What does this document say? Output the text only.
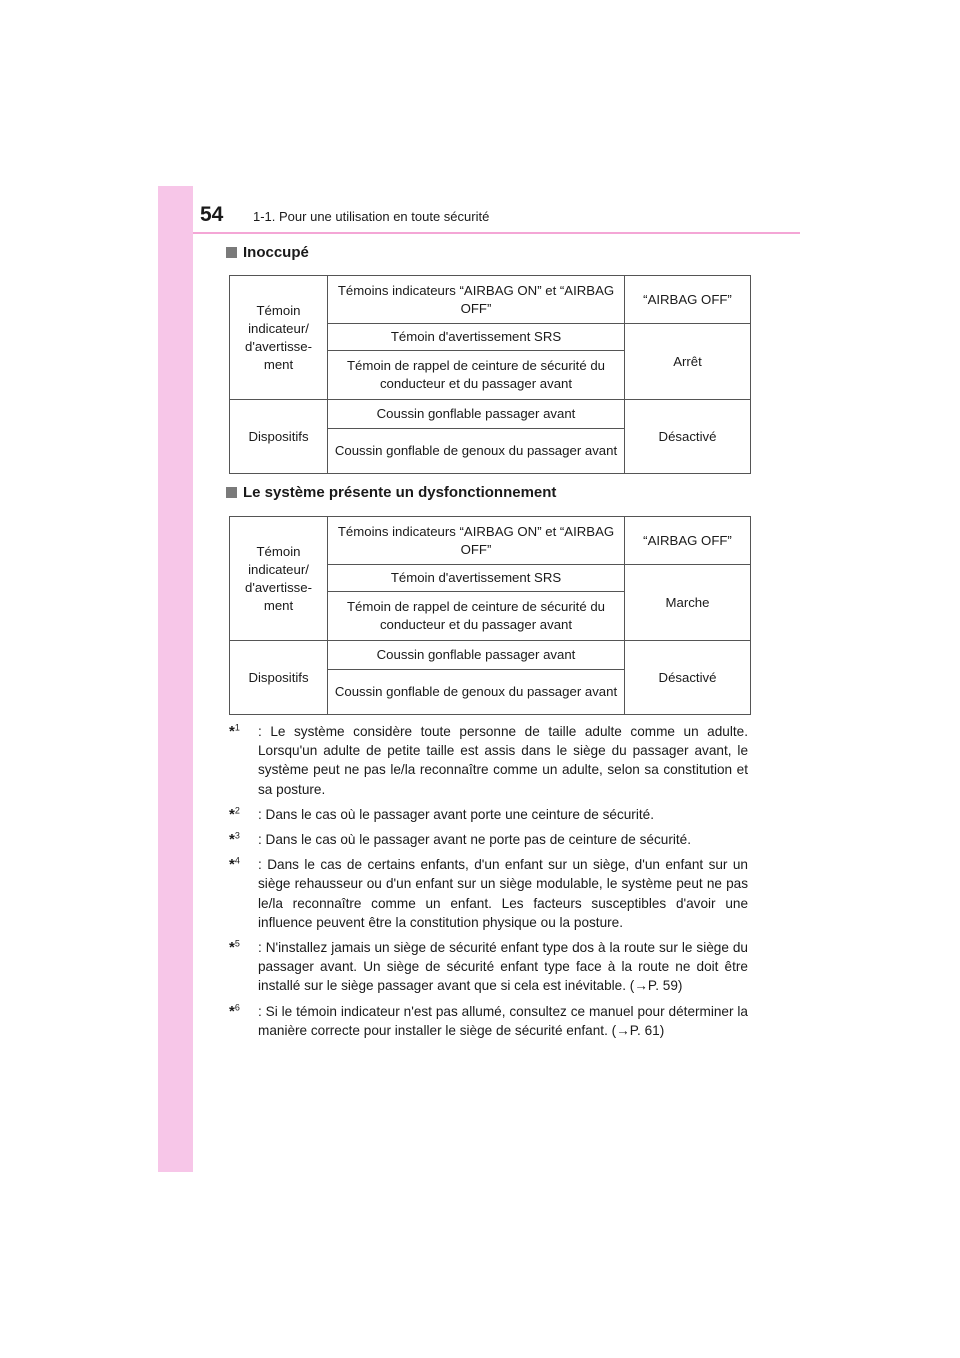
54 1-1. Pour une utilisation en toute sécurité
Inoccupé
Témoin indicateur/ d'avertisse- ment	Témoins indicateurs “AIRBAG ON” et “AIRBAG OFF”	“AIRBAG OFF”
	Témoin d'avertissement SRS	Arrêt
	Témoin de rappel de ceinture de sécurité du conducteur et du passager avant	
Dispositifs	Coussin gonflable passager avant	Désactivé
	Coussin gonflable de genoux du passager avant	
Le système présente un dysfonctionnement
Témoin indicateur/ d'avertisse- ment	Témoins indicateurs “AIRBAG ON” et “AIRBAG OFF”	“AIRBAG OFF”
	Témoin d'avertissement SRS	Marche
	Témoin de rappel de ceinture de sécurité du conducteur et du passager avant	
Dispositifs	Coussin gonflable passager avant	Désactivé
	Coussin gonflable de genoux du passager avant	
*$^1$	: Le système considère toute personne de taille adulte comme un adulte. Lorsqu'un adulte de petite taille est assis dans le siège du passager avant, le système peut ne pas le/la reconnaître comme un adulte, selon sa constitution et sa posture.
*$^2$	: Dans le cas où le passager avant porte une ceinture de sécurité.
*$^3$	: Dans le cas où le passager avant ne porte pas de ceinture de sécurité.
*$^4$	: Dans le cas de certains enfants, d'un enfant sur un siège, d'un enfant sur un siège rehausseur ou d'un enfant sur un siège modulable, le système peut ne pas le/la reconnaître comme un enfant. Les facteurs susceptibles d'avoir une influence peuvent être la constitution physique ou la posture.
*$^5$	: N'installez jamais un siège de sécurité enfant type dos à la route sur le siège du passager avant. Un siège de sécurité enfant type face à la route ne doit être installé sur le siège passager avant que si cela est inévitable. (→P. 59)
*$^6$	: Si le témoin indicateur n'est pas allumé, consultez ce manuel pour déterminer la manière correcte pour installer le siège de sécurité enfant. (→P. 61)
